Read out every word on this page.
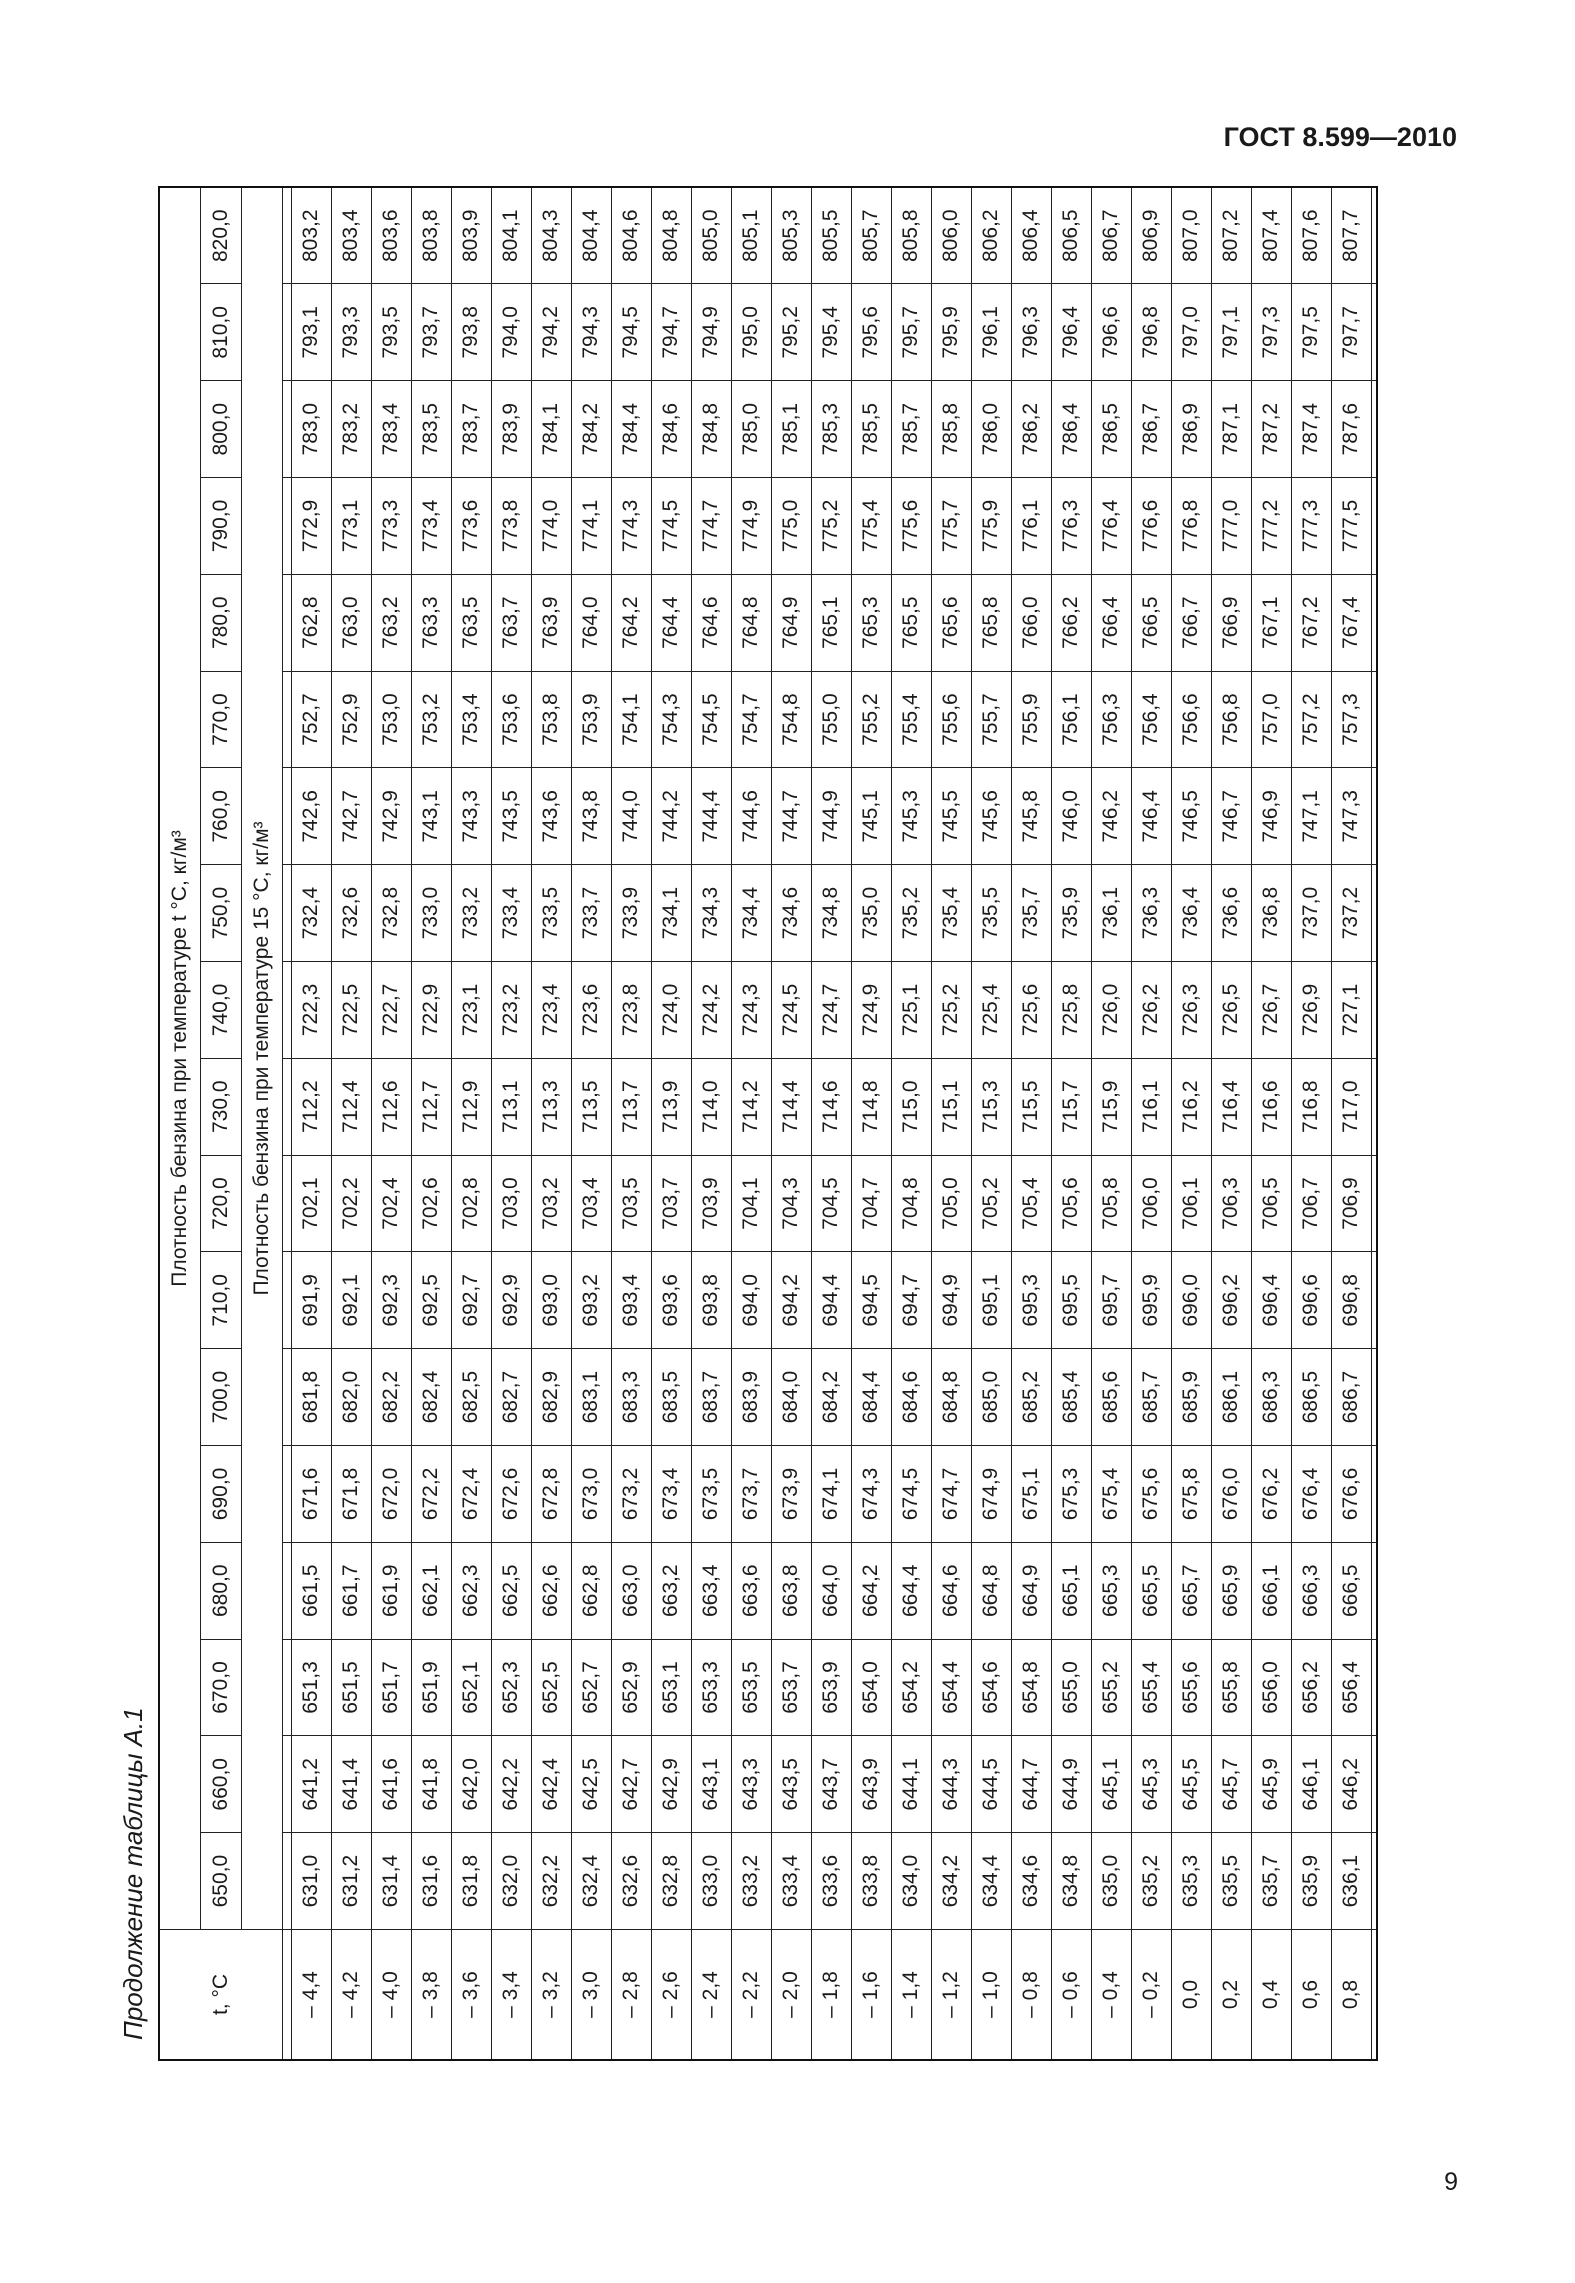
ГОСТ 8.599—2010
Продолжение таблицы А.1	t, °C	Плотность бензина при температуре t °С, кг/м³																	
	650,0	660,0	670,0	680,0	690,0	700,0	710,0	720,0	730,0	740,0	750,0	760,0	770,0	780,0	790,0	800,0	810,0	820,0
	Плотность бензина при температуре 15 °С, кг/м³																	

– 4,4	631,0	641,2	651,3	661,5	671,6	681,8	691,9	702,1	712,2	722,3	732,4	742,6	752,7	762,8	772,9	783,0	793,1	803,2
– 4,2	631,2	641,4	651,5	661,7	671,8	682,0	692,1	702,2	712,4	722,5	732,6	742,7	752,9	763,0	773,1	783,2	793,3	803,4
– 4,0	631,4	641,6	651,7	661,9	672,0	682,2	692,3	702,4	712,6	722,7	732,8	742,9	753,0	763,2	773,3	783,4	793,5	803,6
– 3,8	631,6	641,8	651,9	662,1	672,2	682,4	692,5	702,6	712,7	722,9	733,0	743,1	753,2	763,3	773,4	783,5	793,7	803,8
– 3,6	631,8	642,0	652,1	662,3	672,4	682,5	692,7	702,8	712,9	723,1	733,2	743,3	753,4	763,5	773,6	783,7	793,8	803,9
– 3,4	632,0	642,2	652,3	662,5	672,6	682,7	692,9	703,0	713,1	723,2	733,4	743,5	753,6	763,7	773,8	783,9	794,0	804,1
– 3,2	632,2	642,4	652,5	662,6	672,8	682,9	693,0	703,2	713,3	723,4	733,5	743,6	753,8	763,9	774,0	784,1	794,2	804,3
– 3,0	632,4	642,5	652,7	662,8	673,0	683,1	693,2	703,4	713,5	723,6	733,7	743,8	753,9	764,0	774,1	784,2	794,3	804,4
– 2,8	632,6	642,7	652,9	663,0	673,2	683,3	693,4	703,5	713,7	723,8	733,9	744,0	754,1	764,2	774,3	784,4	794,5	804,6
– 2,6	632,8	642,9	653,1	663,2	673,4	683,5	693,6	703,7	713,9	724,0	734,1	744,2	754,3	764,4	774,5	784,6	794,7	804,8
– 2,4	633,0	643,1	653,3	663,4	673,5	683,7	693,8	703,9	714,0	724,2	734,3	744,4	754,5	764,6	774,7	784,8	794,9	805,0
– 2,2	633,2	643,3	653,5	663,6	673,7	683,9	694,0	704,1	714,2	724,3	734,4	744,6	754,7	764,8	774,9	785,0	795,0	805,1
– 2,0	633,4	643,5	653,7	663,8	673,9	684,0	694,2	704,3	714,4	724,5	734,6	744,7	754,8	764,9	775,0	785,1	795,2	805,3
– 1,8	633,6	643,7	653,9	664,0	674,1	684,2	694,4	704,5	714,6	724,7	734,8	744,9	755,0	765,1	775,2	785,3	795,4	805,5
– 1,6	633,8	643,9	654,0	664,2	674,3	684,4	694,5	704,7	714,8	724,9	735,0	745,1	755,2	765,3	775,4	785,5	795,6	805,7
– 1,4	634,0	644,1	654,2	664,4	674,5	684,6	694,7	704,8	715,0	725,1	735,2	745,3	755,4	765,5	775,6	785,7	795,7	805,8
– 1,2	634,2	644,3	654,4	664,6	674,7	684,8	694,9	705,0	715,1	725,2	735,4	745,5	755,6	765,6	775,7	785,8	795,9	806,0
– 1,0	634,4	644,5	654,6	664,8	674,9	685,0	695,1	705,2	715,3	725,4	735,5	745,6	755,7	765,8	775,9	786,0	796,1	806,2
– 0,8	634,6	644,7	654,8	664,9	675,1	685,2	695,3	705,4	715,5	725,6	735,7	745,8	755,9	766,0	776,1	786,2	796,3	806,4
– 0,6	634,8	644,9	655,0	665,1	675,3	685,4	695,5	705,6	715,7	725,8	735,9	746,0	756,1	766,2	776,3	786,4	796,4	806,5
– 0,4	635,0	645,1	655,2	665,3	675,4	685,6	695,7	705,8	715,9	726,0	736,1	746,2	756,3	766,4	776,4	786,5	796,6	806,7
– 0,2	635,2	645,3	655,4	665,5	675,6	685,7	695,9	706,0	716,1	726,2	736,3	746,4	756,4	766,5	776,6	786,7	796,8	806,9
0,0	635,3	645,5	655,6	665,7	675,8	685,9	696,0	706,1	716,2	726,3	736,4	746,5	756,6	766,7	776,8	786,9	797,0	807,0
0,2	635,5	645,7	655,8	665,9	676,0	686,1	696,2	706,3	716,4	726,5	736,6	746,7	756,8	766,9	777,0	787,1	797,1	807,2
0,4	635,7	645,9	656,0	666,1	676,2	686,3	696,4	706,5	716,6	726,7	736,8	746,9	757,0	767,1	777,2	787,2	797,3	807,4
0,6	635,9	646,1	656,2	666,3	676,4	686,5	696,6	706,7	716,8	726,9	737,0	747,1	757,2	767,2	777,3	787,4	797,5	807,6
0,8	636,1	646,2	656,4	666,5	676,6	686,7	696,8	706,9	717,0	727,1	737,2	747,3	757,3	767,4	777,5	787,6	797,7	807,7

9
